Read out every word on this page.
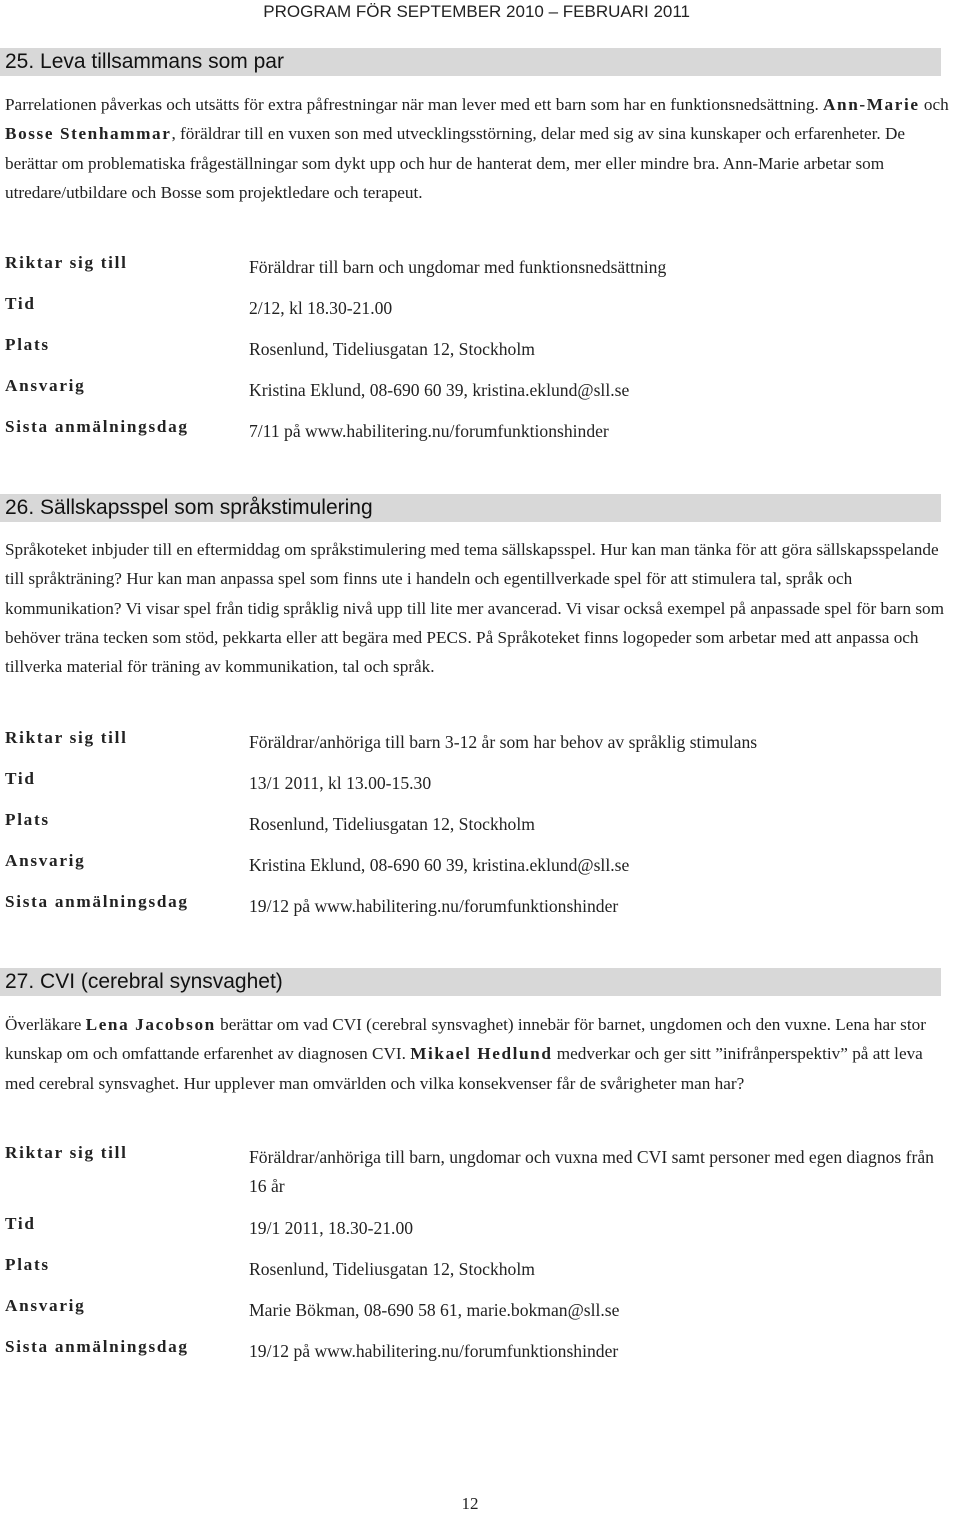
PROGRAM FÖR SEPTEMBER 2010 – FEBRUARI 2011
25. Leva tillsammans som par
Parrelationen påverkas och utsätts för extra påfrestningar när man lever med ett barn som har en funktionsnedsättning. Ann-Marie och Bosse Stenhammar, föräldrar till en vuxen son med utvecklingsstörning, delar med sig av sina kunskaper och erfarenheter. De berättar om problematiska frågeställningar som dykt upp och hur de hanterat dem, mer eller mindre bra. Ann-Marie arbetar som utredare/utbildare och Bosse som projektledare och terapeut.
Riktar sig till	Föräldrar till barn och ungdomar med funktionsnedsättning
Tid	2/12, kl 18.30-21.00
Plats	Rosenlund, Tideliusgatan 12, Stockholm
Ansvarig	Kristina Eklund, 08-690 60 39, kristina.eklund@sll.se
Sista anmälningsdag	7/11 på www.habilitering.nu/forumfunktionshinder
26. Sällskapsspel som språkstimulering
Språkoteket inbjuder till en eftermiddag om språkstimulering med tema sällskapsspel. Hur kan man tänka för att göra sällskapsspelande till språkträning? Hur kan man anpassa spel som finns ute i handeln och egentillverkade spel för att stimulera tal, språk och kommunikation? Vi visar spel från tidig språklig nivå upp till lite mer avancerad. Vi visar också exempel på anpassade spel för barn som behöver träna tecken som stöd, pekkarta eller att begära med PECS. På Språkoteket finns logopeder som arbetar med att anpassa och tillverka material för träning av kommunikation, tal och språk.
Riktar sig till	Föräldrar/anhöriga till barn 3-12 år som har behov av språklig stimulans
Tid	13/1 2011, kl 13.00-15.30
Plats	Rosenlund, Tideliusgatan 12, Stockholm
Ansvarig	Kristina Eklund, 08-690 60 39, kristina.eklund@sll.se
Sista anmälningsdag	19/12 på www.habilitering.nu/forumfunktionshinder
27. CVI (cerebral synsvaghet)
Överläkare Lena Jacobson berättar om vad CVI (cerebral synsvaghet) innebär för barnet, ungdomen och den vuxne. Lena har stor kunskap om och omfattande erfarenhet av diagnosen CVI. Mikael Hedlund medverkar och ger sitt ”inifrånperspektiv” på att leva med cerebral synsvaghet. Hur upplever man omvärlden och vilka konsekvenser får de svårigheter man har?
Riktar sig till	Föräldrar/anhöriga till barn, ungdomar och vuxna med CVI samt personer med egen diagnos från 16 år
Tid	19/1 2011, 18.30-21.00
Plats	Rosenlund, Tideliusgatan 12, Stockholm
Ansvarig	Marie Bökman, 08-690 58 61, marie.bokman@sll.se
Sista anmälningsdag	19/12 på www.habilitering.nu/forumfunktionshinder
12
